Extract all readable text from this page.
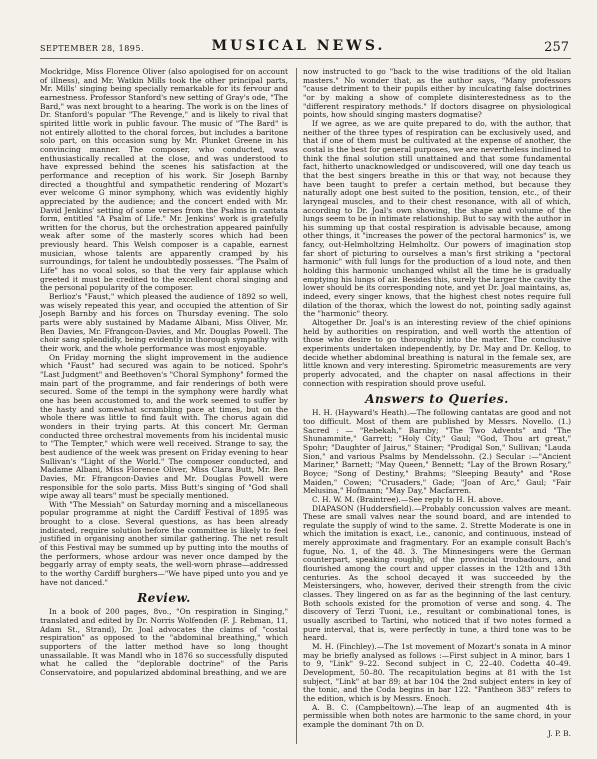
SEPTEMBER 28, 1895.	MUSICAL NEWS.	257

Mockridge, Miss Florence Oliver (also apologised for on account of illness), and Mr. Watkin Mills took the other principal parts, Mr. Mills' singing being specially remarkable for its fervour and earnestness. Professor Stanford's new setting of Gray's ode, "The Bard," was next brought to a hearing. The work is on the lines of Dr. Stanford's popular "The Revenge," and is likely to rival that spirited little work in public favour. The music of "The Bard" is not entirely allotted to the choral forces, but includes a baritone solo part, on this occasion sung by Mr. Plunket Greene in his convincing manner. The composer, who conducted, was enthusiastically recalled at the close, and was understood to have expressed behind the scenes his satisfaction at the performance and reception of his work. Sir Joseph Barnby directed a thoughtful and sympathetic rendering of Mozart's ever welcome G minor symphony, which was evidently highly appreciated by the audience; and the concert ended with Mr. David Jenkins' setting of some verses from the Psalms in cantata form, entitled "A Psalm of Life." Mr. Jenkins' work is gratefully written for the chorus, but the orchestration appeared painfully weak after some of the masterly scores which had been previously heard. This Welsh composer is a capable, earnest musician, whose talents are apparently cramped by his surroundings, for talent he undoubtedly possesses. "The Psalm of Life" has no vocal solos, so that the very fair applause which greeted it must be credited to the excellent choral singing and the personal popularity of the composer.

Berlioz's "Faust," which pleased the audience of 1892 so well, was wisely repeated this year, and occupied the attention of Sir Joseph Barnby and his forces on Thursday evening. The solo parts were ably sustained by Madame Albani, Miss Oliver, Mr. Ben Davies, Mr. Ffrangcon-Davies, and Mr. Douglas Powell. The choir sang splendidly, being evidently in thorough sympathy with their work, and the whole performance was most enjoyable.

On Friday morning the slight improvement in the audience which "Faust" had secured was again to be noticed. Spohr's "Last Judgment" and Beethoven's "Choral Symphony" formed the main part of the programme, and fair renderings of both were secured. Some of the tempi in the symphony were hardly what one has been accustomed to, and the work seemed to suffer by the hasty and somewhat scrambling pace at times, but on the whole there was little to find fault with. The chorus again did wonders in their trying parts. At this concert Mr. German conducted three orchestral movements from his incidental music to "The Tempter," which were well received. Strange to say, the best audience of the week was present on Friday evening to hear Sullivan's "Light of the World." The composer conducted, and Madame Albani, Miss Florence Oliver, Miss Clara Butt, Mr. Ben Davies, Mr. Ffrangcon-Davies and Mr. Douglas Powell were responsible for the solo parts. Miss Butt's singing of "God shall wipe away all tears" must be specially mentioned.

With "The Messiah" on Saturday morning and a miscellaneous popular programme at night the Cardiff Festival of 1895 was brought to a close. Several questions, as has been already indicated, require solution before the committee is likely to feel justified in organising another similar gathering. The net result of this Festival may be summed up by putting into the mouths of the performers, whose ardour was never once damped by the beggarly array of empty seats, the well-worn phrase—addressed to the worthy Cardiff burghers—"We have piped unto you and ye have not danced."

Review.

In a book of 200 pages, 8vo., "On respiration in Singing," translated and edited by Dr. Norris Wolfenden (F. J. Rebman, 11, Adam St., Strand), Dr. Joal advocates the claims of "costal respiration" as opposed to the "abdominal breathing," which supporters of the latter method have so long thought unassailable. It was Mandl who in 1876 so successfully disputed what he called the "deplorable doctrine" of the Paris Conservatoire, and popularized abdominal breathing, and we are

now instructed to go "back to the wise traditions of the old Italian masters." No wonder that, as the author says, "Many professors "cause detriment to their pupils either by inculcating false doctrines "or by making a show of complete disinterestedness as to the "different respiratory methods." If doctors disagree on physiological points, how should singing masters dogmatise?

If we agree, as we are quite prepared to do, with the author, that neither of the three types of respiration can be exclusively used, and that if one of them must be cultivated at the expense of another, the costal is the best for general purposes, we are nevertheless inclined to think the final solution still unattained and that some fundamental fact, hitherto unacknowledged or undiscovered, will one day teach us that the best singers breathe in this or that way, not because they have been taught to prefer a certain method, but because they naturally adopt one best suited to the position, tension, etc., of their laryngeal muscles, and to their chest resonance, with all of which, according to Dr. Joal's own showing, the shape and volume of the lungs seem to be in intimate relationship. But to say with the author in his summing up that costal respiration is advisable because, among other things, it "increases the power of the pectoral harmonics" is, we fancy, out-Helmholtzing Helmholtz. Our powers of imagination stop far short of picturing to ourselves a man's first striking a "pectoral harmonic" with full lungs for the production of a loud note, and then holding this harmonic unchanged whilst all the time he is gradually emptying his lungs of air. Besides this, surely the larger the cavity the lower should be its corresponding note, and yet Dr. Joal maintains, as, indeed, every singer knows, that the highest chest notes require full dilation of the thorax, which the lowest do not, pointing sadly against the "harmonic" theory.

Altogether Dr. Joal's is an interesting review of the chief opinions held by authorities on respiration, and well worth the attention of those who desire to go thoroughly into the matter. The conclusive experiments undertaken independently, by Dr. May and Dr. Kellog, to decide whether abdominal breathing is natural in the female sex, are little known and very interesting. Spirometric measurements are very properly advocated, and the chapter on nasal affections in their connection with respiration should prove useful.

Answers to Queries.

H. H. (Hayward's Heath).—The following cantatas are good and not too difficult. Most of them are published by Messrs. Novello. (1.) Sacred : — "Rebekah," Barnby; "The Two Advents" and "The Shunammite," Garrett; "Holy City," Gaul; "God, Thou art great," Spohr; "Daughter of Jairus," Stainer; "Prodigal Son," Sullivan; "Lauda Sion," and various Psalms by Mendelssohn. (2.) Secular :—"Ancient Mariner," Barnett; "May Queen," Bennett; "Lay of the Brown Rosary," Boyce; "Song of Destiny," Brahms; "Sleeping Beauty" and "Rose Maiden," Cowen; "Crusaders," Gade; "Joan of Arc," Gaul; "Fair Melusina," Hofmann; "May Day," Macfarren.

C. H. W. M. (Braintree).—See reply to H. H. above.

DIAPASON (Huddersfield).—Probably concussion valves are meant. These are small valves near the sound board, and are intended to regulate the supply of wind to the same. 2. Strette Moderate is one in which the imitation is exact, i.e., canonic, and continuous, instead of merely approximate and fragmentary. For an example consult Bach's fugue, No. 1, of the 48. 3. The Minnesingers were the German counterpart, speaking roughly, of the provincial troubadours, and flourished among the court and upper classes in the 12th and 13th centuries. As the school decayed it was succeeded by the Meistersingers, who, however, derived their strength from the civic classes. They lingered on as far as the beginning of the last century. Both schools existed for the promotion of verse and song. 4. The discovery of Terzi Tuoni, i.e., resultant or combinational tones, is usually ascribed to Tartini, who noticed that if two notes formed a pure interval, that is, were perfectly in tune, a third tone was to be heard.

M. H. (Finchley).—The 1st movement of Mozart's sonata in A minor may be briefly analysed as follows :—First subject in A minor, bars 1 to 9, "Link" 9–22. Second subject in C, 22–40. Codetta 40–49. Development, 50–80. The recapitulation begins at 81 with the 1st subject, "Link" at bar 89; at bar 104 the 2nd subject enters in key of the tonic, and the Coda begins in bar 122. "Pantheon 383" refers to the edition, which is by Messrs. Enoch.

A. B. C. (Campbeltown).—The leap of an augmented 4th is permissible when both notes are harmonic to the same chord, in your example the dominant 7th on D.

J. P. B.
